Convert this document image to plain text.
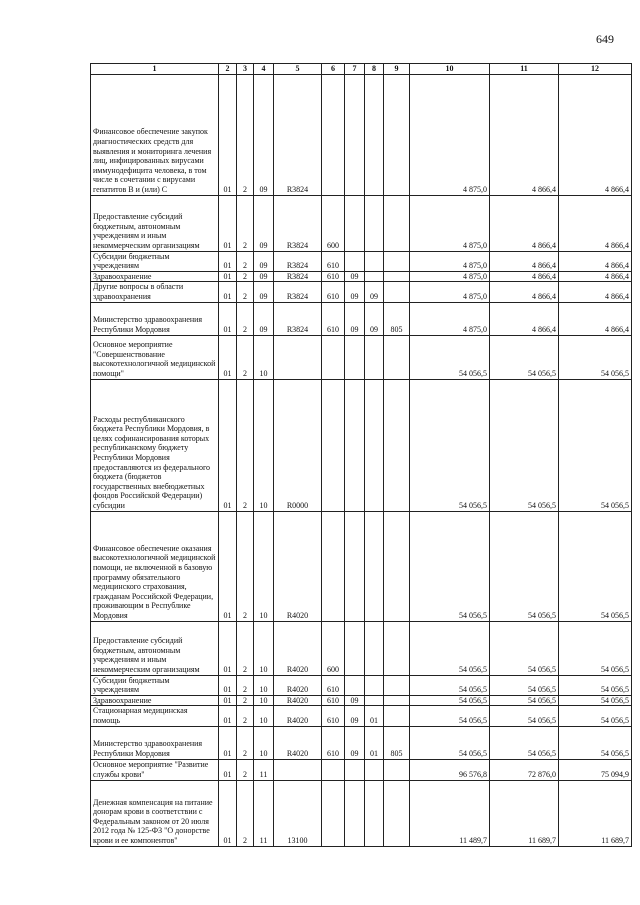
649
1	2	3	4	5	6	7	8	9	10	11	12
Финансовое обеспечение закупок диагностических средств для выявления и мониторинга лечения лиц, инфицированных вирусами иммунодефицита человека, в том числе в сочетании с вирусами гепатитов В и (или) С	01	2	09	R3824					4 875,0	4 866,4	4 866,4
Предоставление субсидий бюджетным, автономным учреждениям и иным некоммерческим организациям	01	2	09	R3824	600				4 875,0	4 866,4	4 866,4
Субсидии бюджетным учреждениям	01	2	09	R3824	610				4 875,0	4 866,4	4 866,4
Здравоохранение	01	2	09	R3824	610	09			4 875,0	4 866,4	4 866,4
Другие вопросы в области здравоохранения	01	2	09	R3824	610	09	09		4 875,0	4 866,4	4 866,4
Министерство здравоохранения Республики Мордовия	01	2	09	R3824	610	09	09	805	4 875,0	4 866,4	4 866,4
Основное мероприятие "Совершенствование высокотехнологичной медицинской помощи"	01	2	10						54 056,5	54 056,5	54 056,5
Расходы республиканского бюджета Республики Мордовия, в целях софинансирования которых республиканскому бюджету Республики Мордовия предоставляются из федерального бюджета (бюджетов государственных внебюджетных фондов Российской Федерации) субсидии	01	2	10	R0000					54 056,5	54 056,5	54 056,5
Финансовое обеспечение оказания высокотехнологичной медицинской помощи, не включенной в базовую программу обязательного медицинского страхования, гражданам Российской Федерации, проживающим в Республике Мордовия	01	2	10	R4020					54 056,5	54 056,5	54 056,5
Предоставление субсидий бюджетным, автономным учреждениям и иным некоммерческим организациям	01	2	10	R4020	600				54 056,5	54 056,5	54 056,5
Субсидии бюджетным учреждениям	01	2	10	R4020	610				54 056,5	54 056,5	54 056,5
Здравоохранение	01	2	10	R4020	610	09			54 056,5	54 056,5	54 056,5
Стационарная медицинская помощь	01	2	10	R4020	610	09	01		54 056,5	54 056,5	54 056,5
Министерство здравоохранения Республики Мордовия	01	2	10	R4020	610	09	01	805	54 056,5	54 056,5	54 056,5
Основное мероприятие "Развитие службы крови"	01	2	11						96 576,8	72 876,0	75 094,9
Денежная компенсация на питание донорам крови в соответствии с Федеральным законом от 20 июля 2012 года № 125-ФЗ "О донорстве крови и ее компонентов"	01	2	11	13100					11 489,7	11 689,7	11 689,7
